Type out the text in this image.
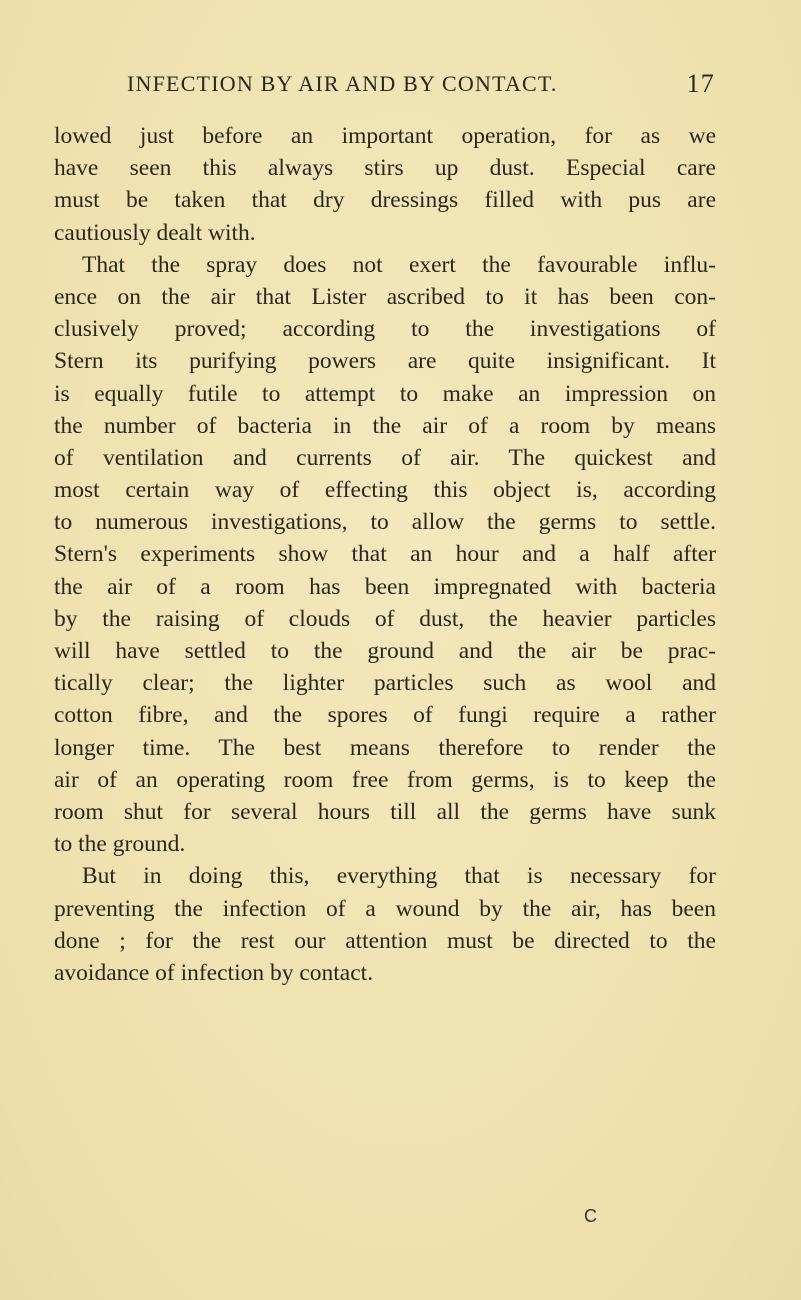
INFECTION BY AIR AND BY CONTACT.	17
lowed just before an important operation, for as we
have seen this always stirs up dust. Especial care
must be taken that dry dressings filled with pus are
cautiously dealt with.
That the spray does not exert the favourable influ-
ence on the air that Lister ascribed to it has been con-
clusively proved; according to the investigations of
Stern its purifying powers are quite insignificant. It
is equally futile to attempt to make an impression on
the number of bacteria in the air of a room by means
of ventilation and currents of air. The quickest and
most certain way of effecting this object is, according
to numerous investigations, to allow the germs to settle.
Stern's experiments show that an hour and a half after
the air of a room has been impregnated with bacteria
by the raising of clouds of dust, the heavier particles
will have settled to the ground and the air be prac-
tically clear; the lighter particles such as wool and
cotton fibre, and the spores of fungi require a rather
longer time. The best means therefore to render the
air of an operating room free from germs, is to keep the
room shut for several hours till all the germs have sunk
to the ground.
But in doing this, everything that is necessary for
preventing the infection of a wound by the air, has been
done ; for the rest our attention must be directed to the
avoidance of infection by contact.
C
